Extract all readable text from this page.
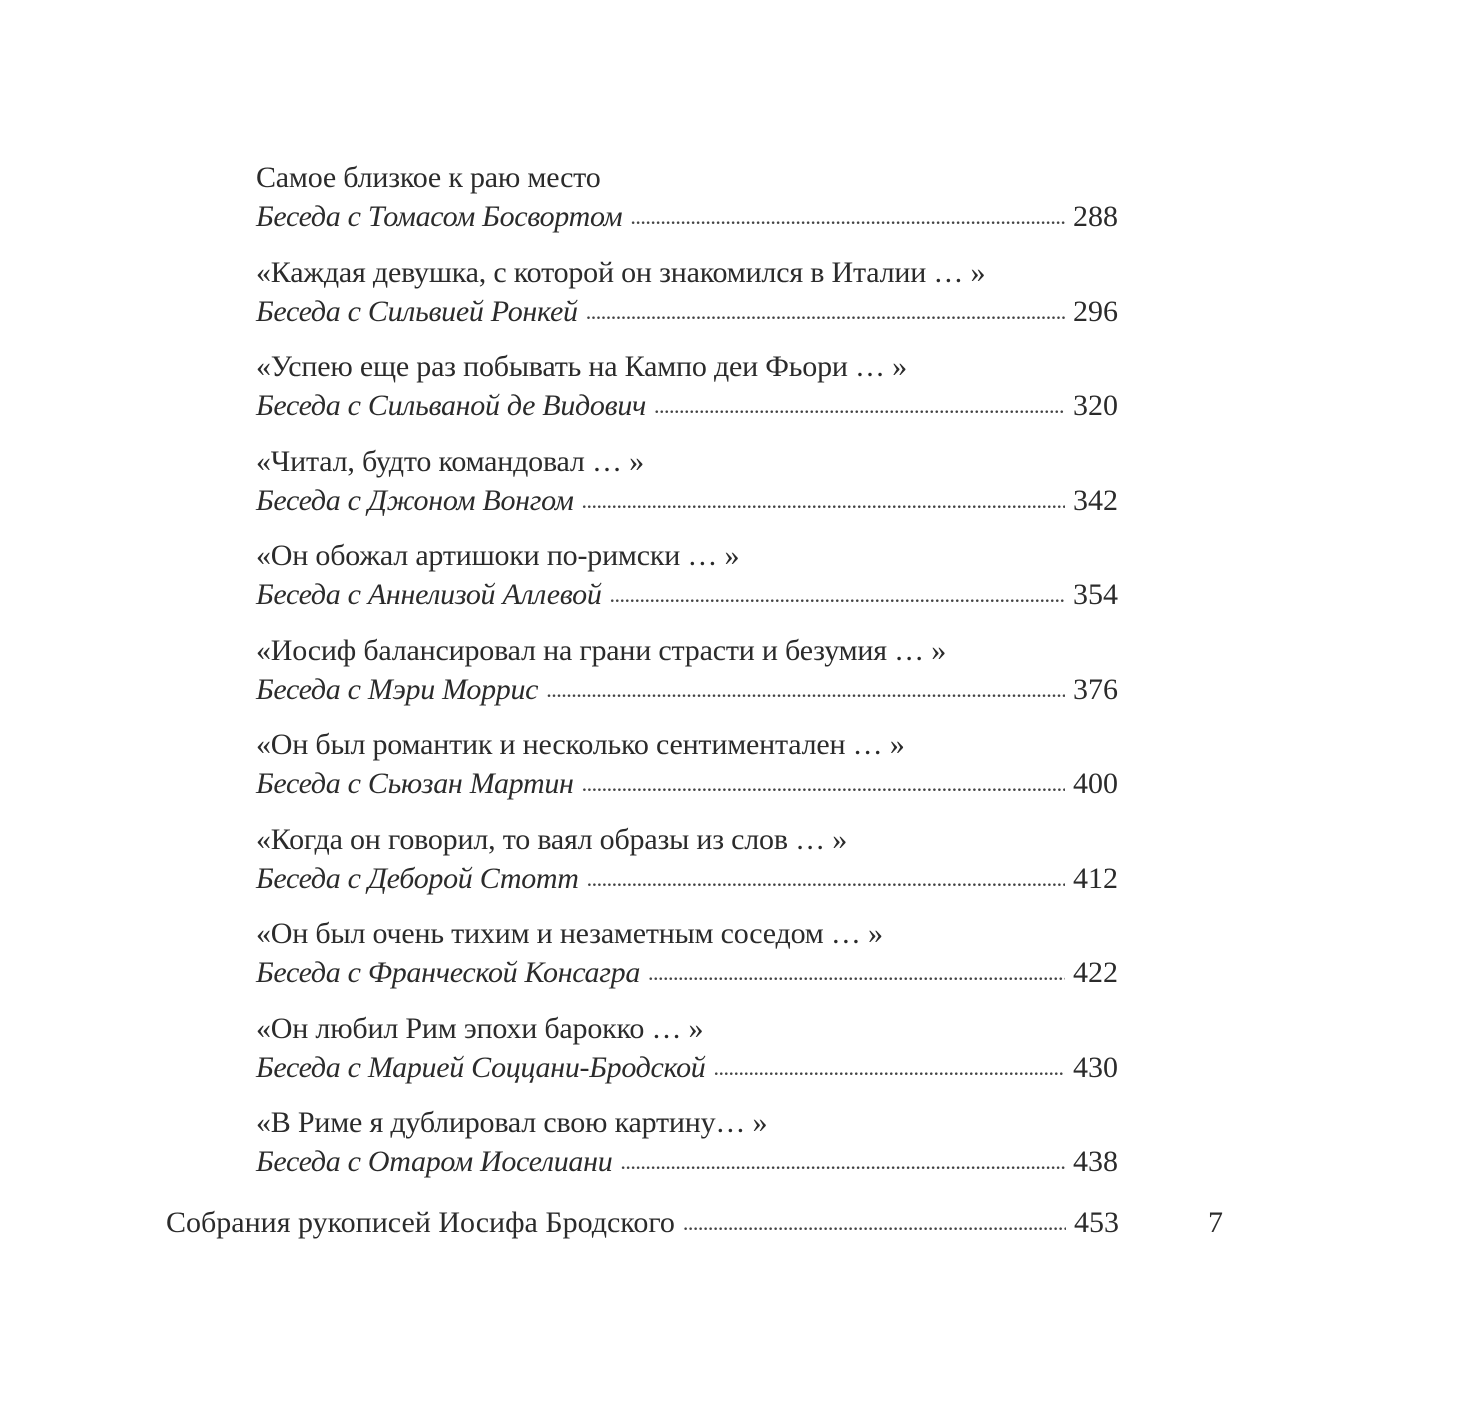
Самое близкое к раю место
Беседа с Томасом Босвортом . . .	288
«Каждая девушка, с которой он знакомился в Италии … »
Беседа с Сильвией Ронкей . . .	296
«Успею еще раз побывать на Кампо деи Фьори … »
Беседа с Сильваной де Видович . . .	320
«Читал, будто командовал … »
Беседа с Джоном Вонгом . . .	342
«Он обожал артишоки по-римски … »
Беседа с Аннелизой Аллевой . . .	354
«Иосиф балансировал на грани страсти и безумия … »
Беседа с Мэри Моррис . . .	376
«Он был романтик и несколько сентиментален … »
Беседа с Сьюзан Мартин . . .	400
«Когда он говорил, то ваял образы из слов … »
Беседа с Деборой Стотт . . .	412
«Он был очень тихим и незаметным соседом … »
Беседа с Франческой Консагра . . .	422
«Он любил Рим эпохи барокко … »
Беседа с Марией Соццани-Бродской . . .	430
«В Риме я дублировал свою картину… »
Беседа с Отаром Иоселиани . . .	438
Собрания рукописей Иосифа Бродского . . .	453	7
